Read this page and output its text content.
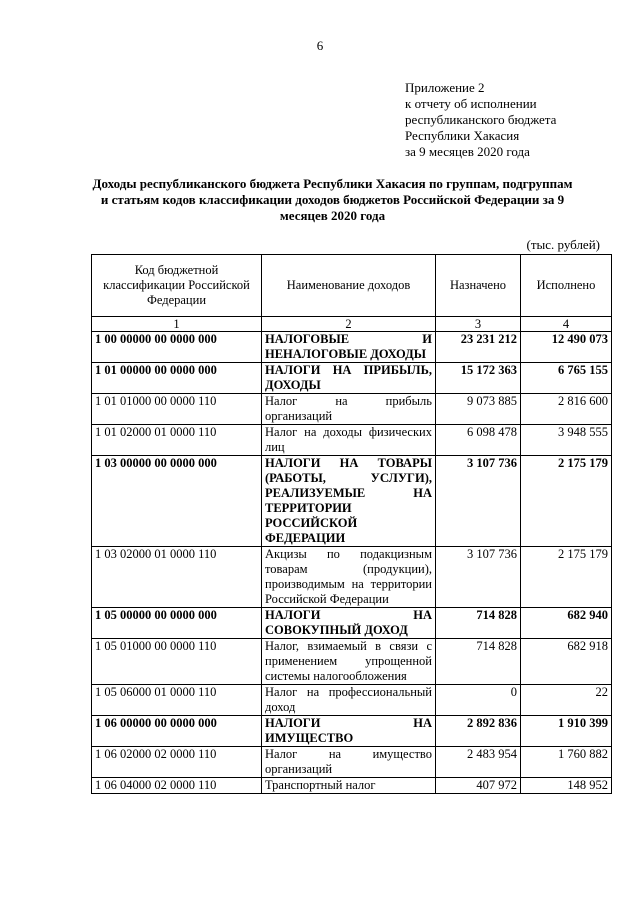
6
Приложение 2
к отчету об исполнении
республиканского бюджета
Республики Хакасия
за 9 месяцев 2020 года
Доходы республиканского бюджета Республики Хакасия по группам, подгруппам и статьям кодов классификации доходов бюджетов Российской Федерации за 9 месяцев 2020 года
(тыс. рублей)
Код бюджетной классификации Российской Федерации	Наименование доходов	Назначено	Исполнено
1	2	3	4
1 00 00000 00 0000 000	НАЛОГОВЫЕ И НЕНАЛОГОВЫЕ ДОХОДЫ	23 231 212	12 490 073
1 01 00000 00 0000 000	НАЛОГИ НА ПРИБЫЛЬ, ДОХОДЫ	15 172 363	6 765 155
1 01 01000 00 0000 110	Налог на прибыль организаций	9 073 885	2 816 600
1 01 02000 01 0000 110	Налог на доходы физических лиц	6 098 478	3 948 555
1 03 00000 00 0000 000	НАЛОГИ НА ТОВАРЫ (РАБОТЫ, УСЛУГИ), РЕАЛИЗУЕМЫЕ НА ТЕРРИТОРИИ РОССИЙСКОЙ ФЕДЕРАЦИИ	3 107 736	2 175 179
1 03 02000 01 0000 110	Акцизы по подакцизным товарам (продукции), производимым на территории Российской Федерации	3 107 736	2 175 179
1 05 00000 00 0000 000	НАЛОГИ НА СОВОКУПНЫЙ ДОХОД	714 828	682 940
1 05 01000 00 0000 110	Налог, взимаемый в связи с применением упрощенной системы налогообложения	714 828	682 918
1 05 06000 01 0000 110	Налог на профессиональный доход	0	22
1 06 00000 00 0000 000	НАЛОГИ НА ИМУЩЕСТВО	2 892 836	1 910 399
1 06 02000 02 0000 110	Налог на имущество организаций	2 483 954	1 760 882
1 06 04000 02 0000 110	Транспортный налог	407 972	148 952
